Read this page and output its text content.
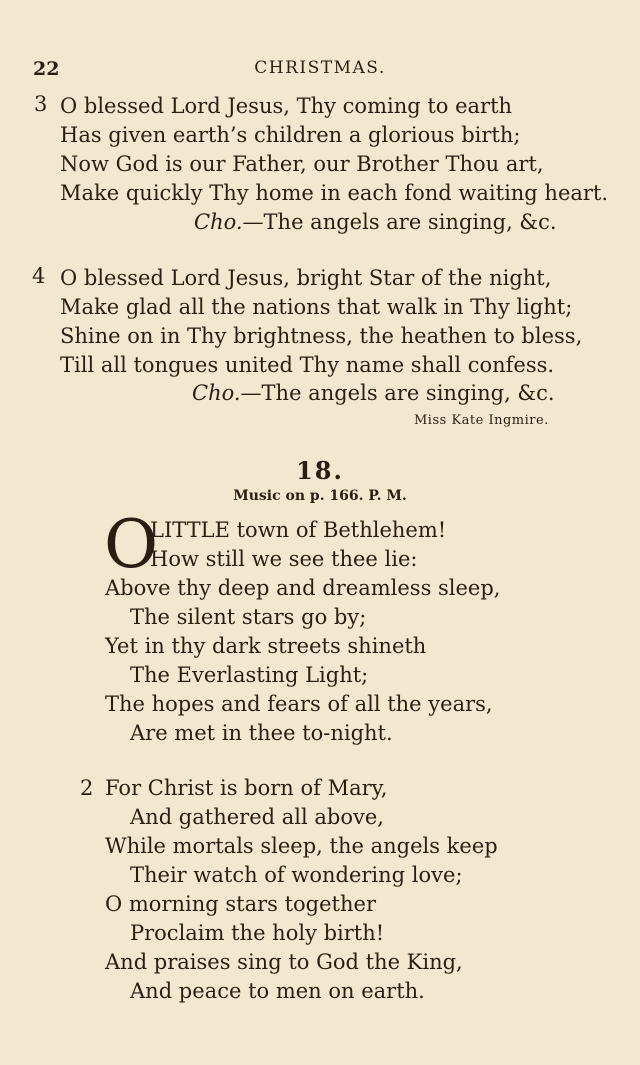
22	CHRISTMAS.
3 O blessed Lord Jesus, Thy coming to earth
Has given earth’s children a glorious birth;
Now God is our Father, our Brother Thou art,
Make quickly Thy home in each fond waiting heart.
Cho.—The angels are singing, &c.
4 O blessed Lord Jesus, bright Star of the night,
Make glad all the nations that walk in Thy light;
Shine on in Thy brightness, the heathen to bless,
Till all tongues united Thy name shall confess.
Cho.—The angels are singing, &c.
Miss Kate Ingmire.
18.
Music on p. 166. P. M.
O
LITTLE town of Bethlehem!
How still we see thee lie:
Above thy deep and dreamless sleep,
The silent stars go by;
Yet in thy dark streets shineth
The Everlasting Light;
The hopes and fears of all the years,
Are met in thee to-night.
2 For Christ is born of Mary,
And gathered all above,
While mortals sleep, the angels keep
Their watch of wondering love;
O morning stars together
Proclaim the holy birth!
And praises sing to God the King,
And peace to men on earth.
